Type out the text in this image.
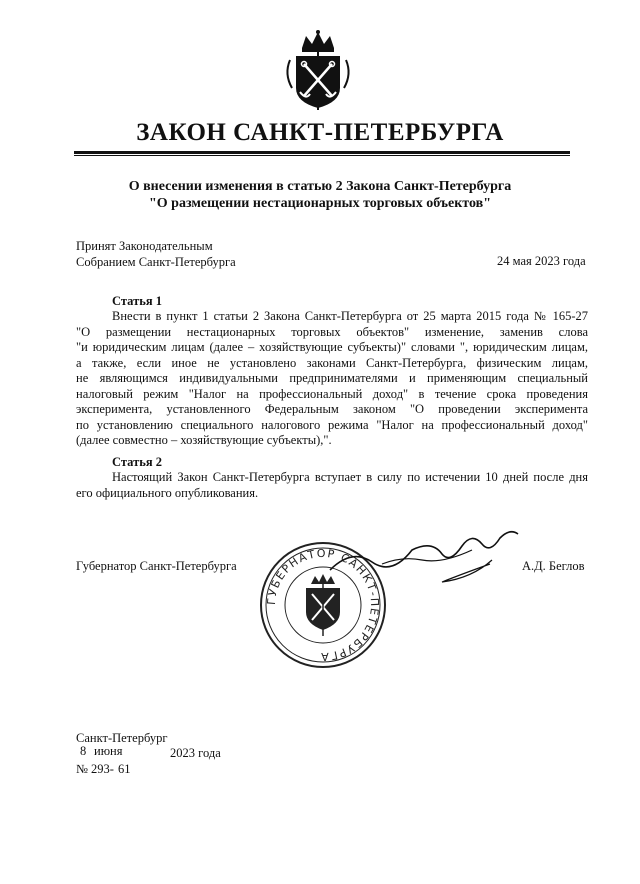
ЗАКОН САНКТ-ПЕТЕРБУРГА
О внесении изменения в статью 2 Закона Санкт-Петербурга
"О размещении нестационарных торговых объектов"
Принят Законодательным
Собранием Санкт-Петербурга	24 мая 2023 года
Статья 1
Внести в пункт 1 статьи 2 Закона Санкт-Петербурга от 25 марта 2015 года № 165-27
"О размещении нестационарных торговых объектов" изменение, заменив слова
"и юридическим лицам (далее – хозяйствующие субъекты)" словами ", юридическим лицам,
а также, если иное не установлено законами Санкт-Петербурга, физическим лицам,
не являющимся индивидуальными предпринимателями и применяющим специальный
налоговый режим "Налог на профессиональный доход" в течение срока проведения
эксперимента, установленного Федеральным законом "О проведении эксперимента
по установлению специального налогового режима "Налог на профессиональный доход"
(далее совместно – хозяйствующие субъекты),".
Статья 2
Настоящий Закон Санкт-Петербурга вступает в силу по истечении 10 дней после дня
его официального опубликования.
Губернатор Санкт-Петербурга	А.Д. Беглов
ГУБЕРНАТОР САНКТ-ПЕТЕРБУРГА
Санкт-Петербург
8 июня	2023 года
№ 293- 61
